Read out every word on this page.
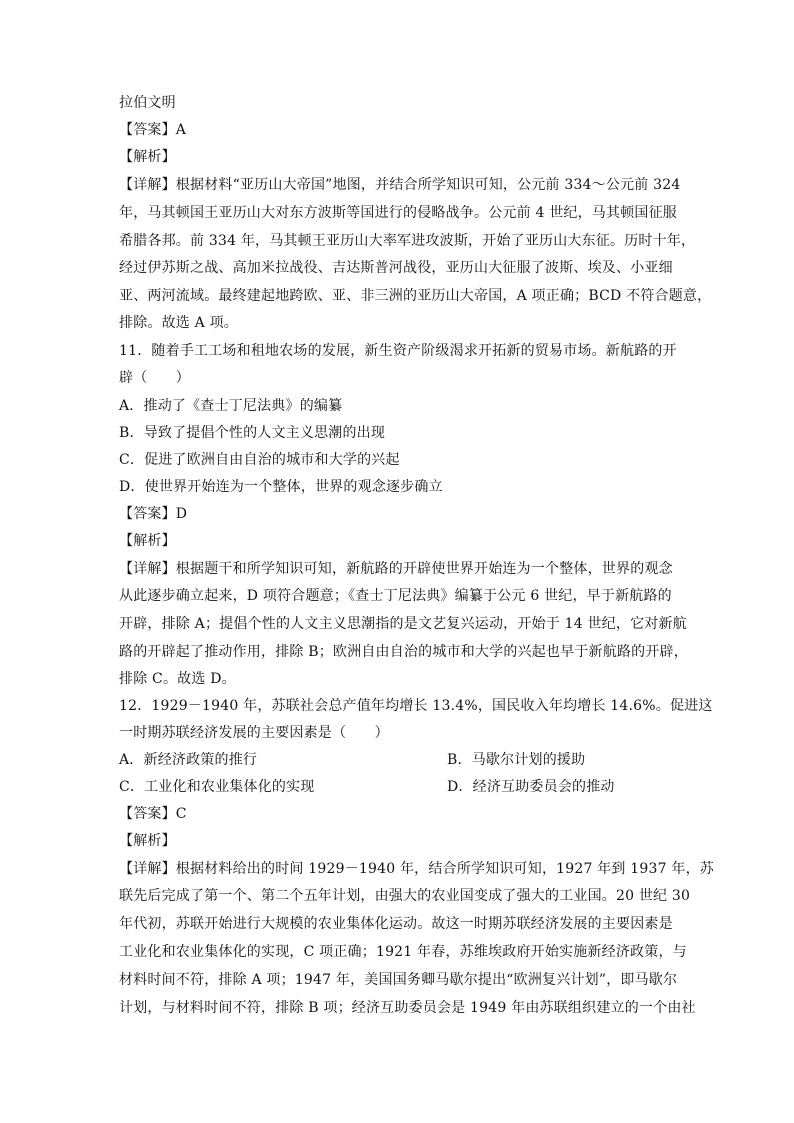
拉伯文明
【答案】A
【解析】
【详解】根据材料“亚历山大帝国”地图，并结合所学知识可知，公元前 334～公元前 324
年，马其顿国王亚历山大对东方波斯等国进行的侵略战争。公元前 4 世纪，马其顿国征服
希腊各邦。前 334 年，马其顿王亚历山大率军进攻波斯，开始了亚历山大东征。历时十年，
经过伊苏斯之战、高加米拉战役、吉达斯普河战役，亚历山大征服了波斯、埃及、小亚细
亚、两河流域。最终建起地跨欧、亚、非三洲的亚历山大帝国，A 项正确；BCD 不符合题意，
排除。故选 A 项。
11．随着手工工场和租地农场的发展，新生资产阶级渴求开拓新的贸易市场。新航路的开
辟（　　）
A．推动了《查士丁尼法典》的编纂
B．导致了提倡个性的人文主义思潮的出现
C．促进了欧洲自由自治的城市和大学的兴起
D．使世界开始连为一个整体，世界的观念逐步确立
【答案】D
【解析】
【详解】根据题干和所学知识可知，新航路的开辟使世界开始连为一个整体，世界的观念
从此逐步确立起来，D 项符合题意；《查士丁尼法典》编纂于公元 6 世纪，早于新航路的
开辟，排除 A；提倡个性的人文主义思潮指的是文艺复兴运动，开始于 14 世纪，它对新航
路的开辟起了推动作用，排除 B；欧洲自由自治的城市和大学的兴起也早于新航路的开辟，
排除 C。故选 D。
12．1929－1940 年，苏联社会总产值年均增长 13.4%，国民收入年均增长 14.6%。促进这
一时期苏联经济发展的主要因素是（　　）
A．新经济政策的推行	B．马歇尔计划的援助
C．工业化和农业集体化的实现	D．经济互助委员会的推动
【答案】C
【解析】
【详解】根据材料给出的时间 1929－1940 年，结合所学知识可知，1927 年到 1937 年，苏
联先后完成了第一个、第二个五年计划，由强大的农业国变成了强大的工业国。20 世纪 30
年代初，苏联开始进行大规模的农业集体化运动。故这一时期苏联经济发展的主要因素是
工业化和农业集体化的实现，C 项正确；1921 年春，苏维埃政府开始实施新经济政策，与
材料时间不符，排除 A 项；1947 年，美国国务卿马歇尔提出“欧洲复兴计划”，即马歇尔
计划，与材料时间不符，排除 B 项；经济互助委员会是 1949 年由苏联组织建立的一个由社
